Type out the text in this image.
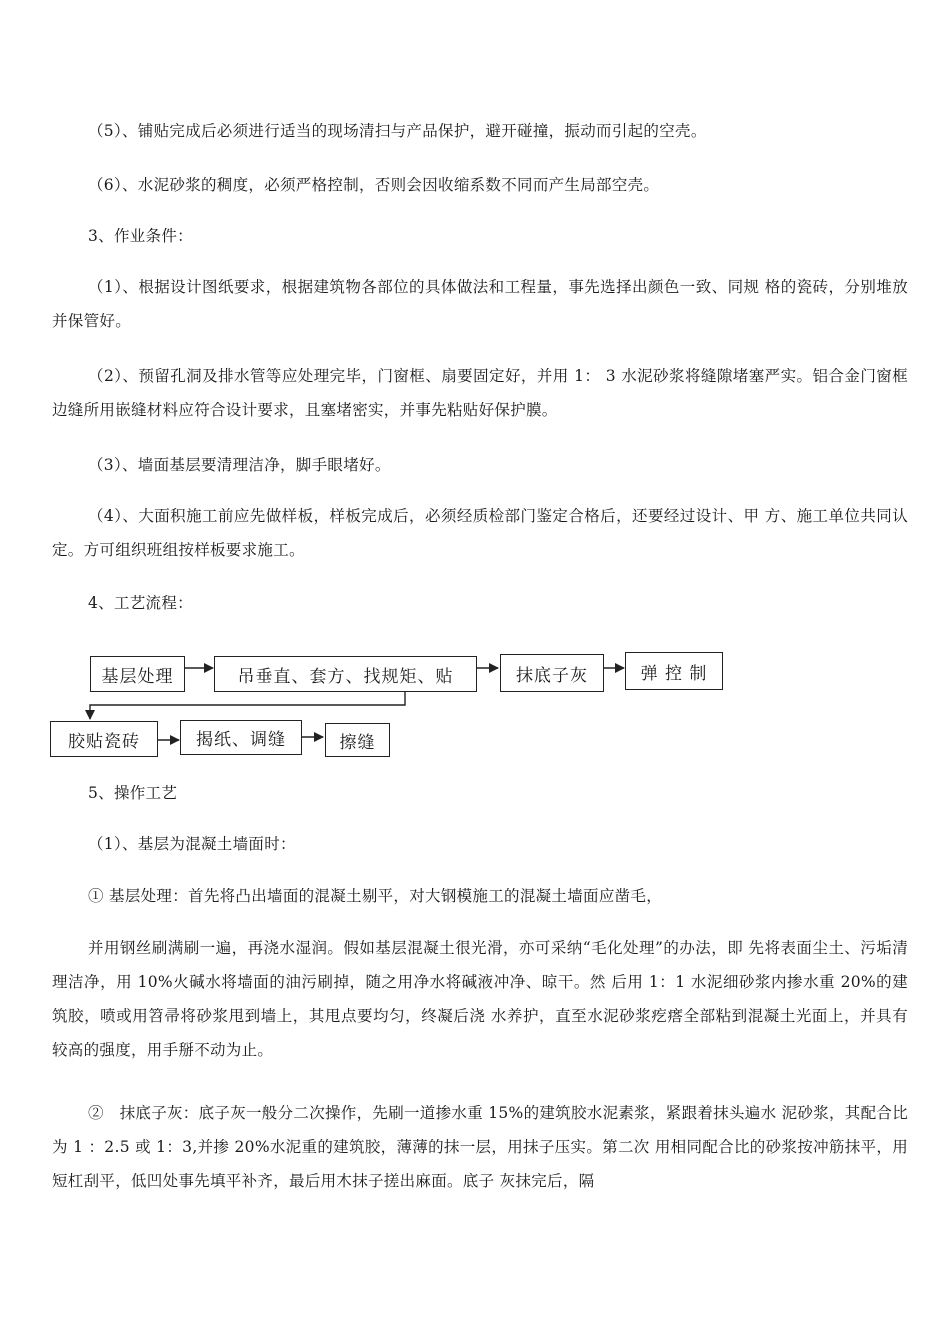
（5）、铺贴完成后必须进行适当的现场清扫与产品保护，避开碰撞，振动而引起的空壳。

（6）、水泥砂浆的稠度，必须严格控制，否则会因收缩系数不同而产生局部空壳。

3、作业条件：

（1）、根据设计图纸要求，根据建筑物各部位的具体做法和工程量，事先选择出颜色一致、同规 格的瓷砖，分别堆放并保管好。

（2）、预留孔洞及排水管等应处理完毕，门窗框、扇要固定好，并用 1： 3 水泥砂浆将缝隙堵塞严实。铝合金门窗框边缝所用嵌缝材料应符合设计要求，且塞堵密实，并事先粘贴好保护膜。

（3）、墙面基层要清理洁净，脚手眼堵好。

（4）、大面积施工前应先做样板，样板完成后，必须经质检部门鉴定合格后，还要经过设计、甲 方、施工单位共同认定。方可组织班组按样板要求施工。

4、工艺流程：

基层处理	吊垂直、套方、找规矩、贴	抹底子灰	弹 控 制
胶贴瓷砖	揭纸、调缝	擦缝

5、操作工艺

（1）、基层为混凝土墙面时：

① 基层处理：首先将凸出墙面的混凝土剔平，对大钢模施工的混凝土墙面应凿毛，

并用钢丝刷满刷一遍，再浇水湿润。假如基层混凝土很光滑，亦可采纳“毛化处理”的办法，即 先将表面尘土、污垢清理洁净，用 10%火碱水将墙面的油污刷掉，随之用净水将碱液冲净、晾干。然 后用 1：1 水泥细砂浆内掺水重 20%的建筑胶，喷或用笤帚将砂浆甩到墙上，其甩点要均匀，终凝后浇 水养护，直至水泥砂浆疙瘩全部粘到混凝土光面上，并具有较高的强度，用手掰不动为止。

②　抹底子灰：底子灰一般分二次操作，先刷一道掺水重 15%的建筑胶水泥素浆，紧跟着抹头遍水 泥砂浆，其配合比为 1 ：2.5 或 1：3,并掺 20%水泥重的建筑胶，薄薄的抹一层，用抹子压实。第二次 用相同配合比的砂浆按冲筋抹平，用短杠刮平，低凹处事先填平补齐，最后用木抹子搓出麻面。底子 灰抹完后，隔
